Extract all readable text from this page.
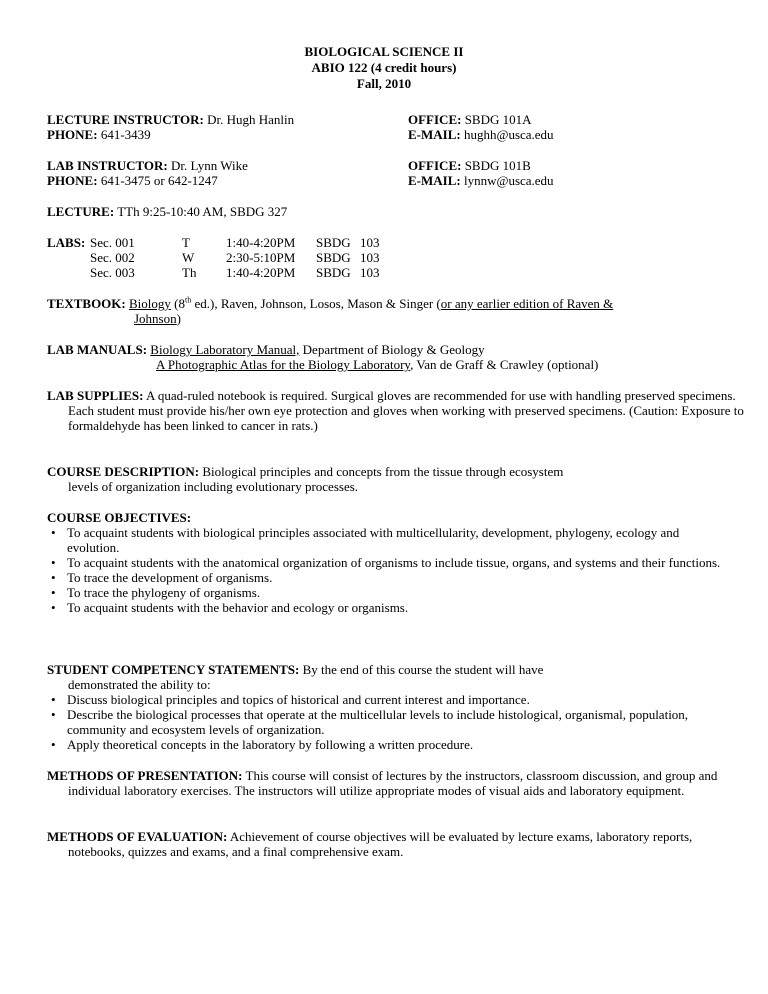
BIOLOGICAL SCIENCE II
ABIO 122 (4 credit hours)
Fall, 2010
LECTURE INSTRUCTOR: Dr. Hugh Hanlin
PHONE: 641-3439
OFFICE: SBDG 101A
E-MAIL: hughh@usca.edu
LAB INSTRUCTOR: Dr. Lynn Wike
PHONE: 641-3475 or 642-1247
OFFICE: SBDG 101B
E-MAIL: lynnw@usca.edu
LECTURE: TTh 9:25-10:40 AM, SBDG 327
LABS: Sec. 001	T	1:40-4:20PM SBDG 103
Sec. 002	W 2:30-5:10PM SBDG 103
Sec. 003	Th 1:40-4:20PM SBDG 103
TEXTBOOK: Biology (8th ed.), Raven, Johnson, Losos, Mason & Singer (or any earlier edition of Raven &
Johnson)
LAB MANUALS: Biology Laboratory Manual, Department of Biology & Geology
A Photographic Atlas for the Biology Laboratory, Van de Graff & Crawley (optional)
LAB SUPPLIES: A quad-ruled notebook is required. Surgical gloves are recommended for use with handling preserved specimens. Each student must provide his/her own eye protection and gloves when working with preserved specimens. (Caution: Exposure to formaldehyde has been linked to cancer in rats.)
COURSE DESCRIPTION: Biological principles and concepts from the tissue through ecosystem
levels of organization including evolutionary processes.
COURSE OBJECTIVES:
• To acquaint students with biological principles associated with multicellularity, development, phylogeny, ecology and evolution.
• To acquaint students with the anatomical organization of organisms to include tissue, organs, and systems and their functions.
• To trace the development of organisms.
• To trace the phylogeny of organisms.
• To acquaint students with the behavior and ecology or organisms.
STUDENT COMPETENCY STATEMENTS: By the end of this course the student will have
demonstrated the ability to:
• Discuss biological principles and topics of historical and current interest and importance.
• Describe the biological processes that operate at the multicellular levels to include histological, organismal, population, community and ecosystem levels of organization.
• Apply theoretical concepts in the laboratory by following a written procedure.
METHODS OF PRESENTATION: This course will consist of lectures by the instructors, classroom discussion, and group and individual laboratory exercises. The instructors will utilize appropriate modes of visual aids and laboratory equipment.
METHODS OF EVALUATION: Achievement of course objectives will be evaluated by lecture exams, laboratory reports, notebooks, quizzes and exams, and a final comprehensive exam.
